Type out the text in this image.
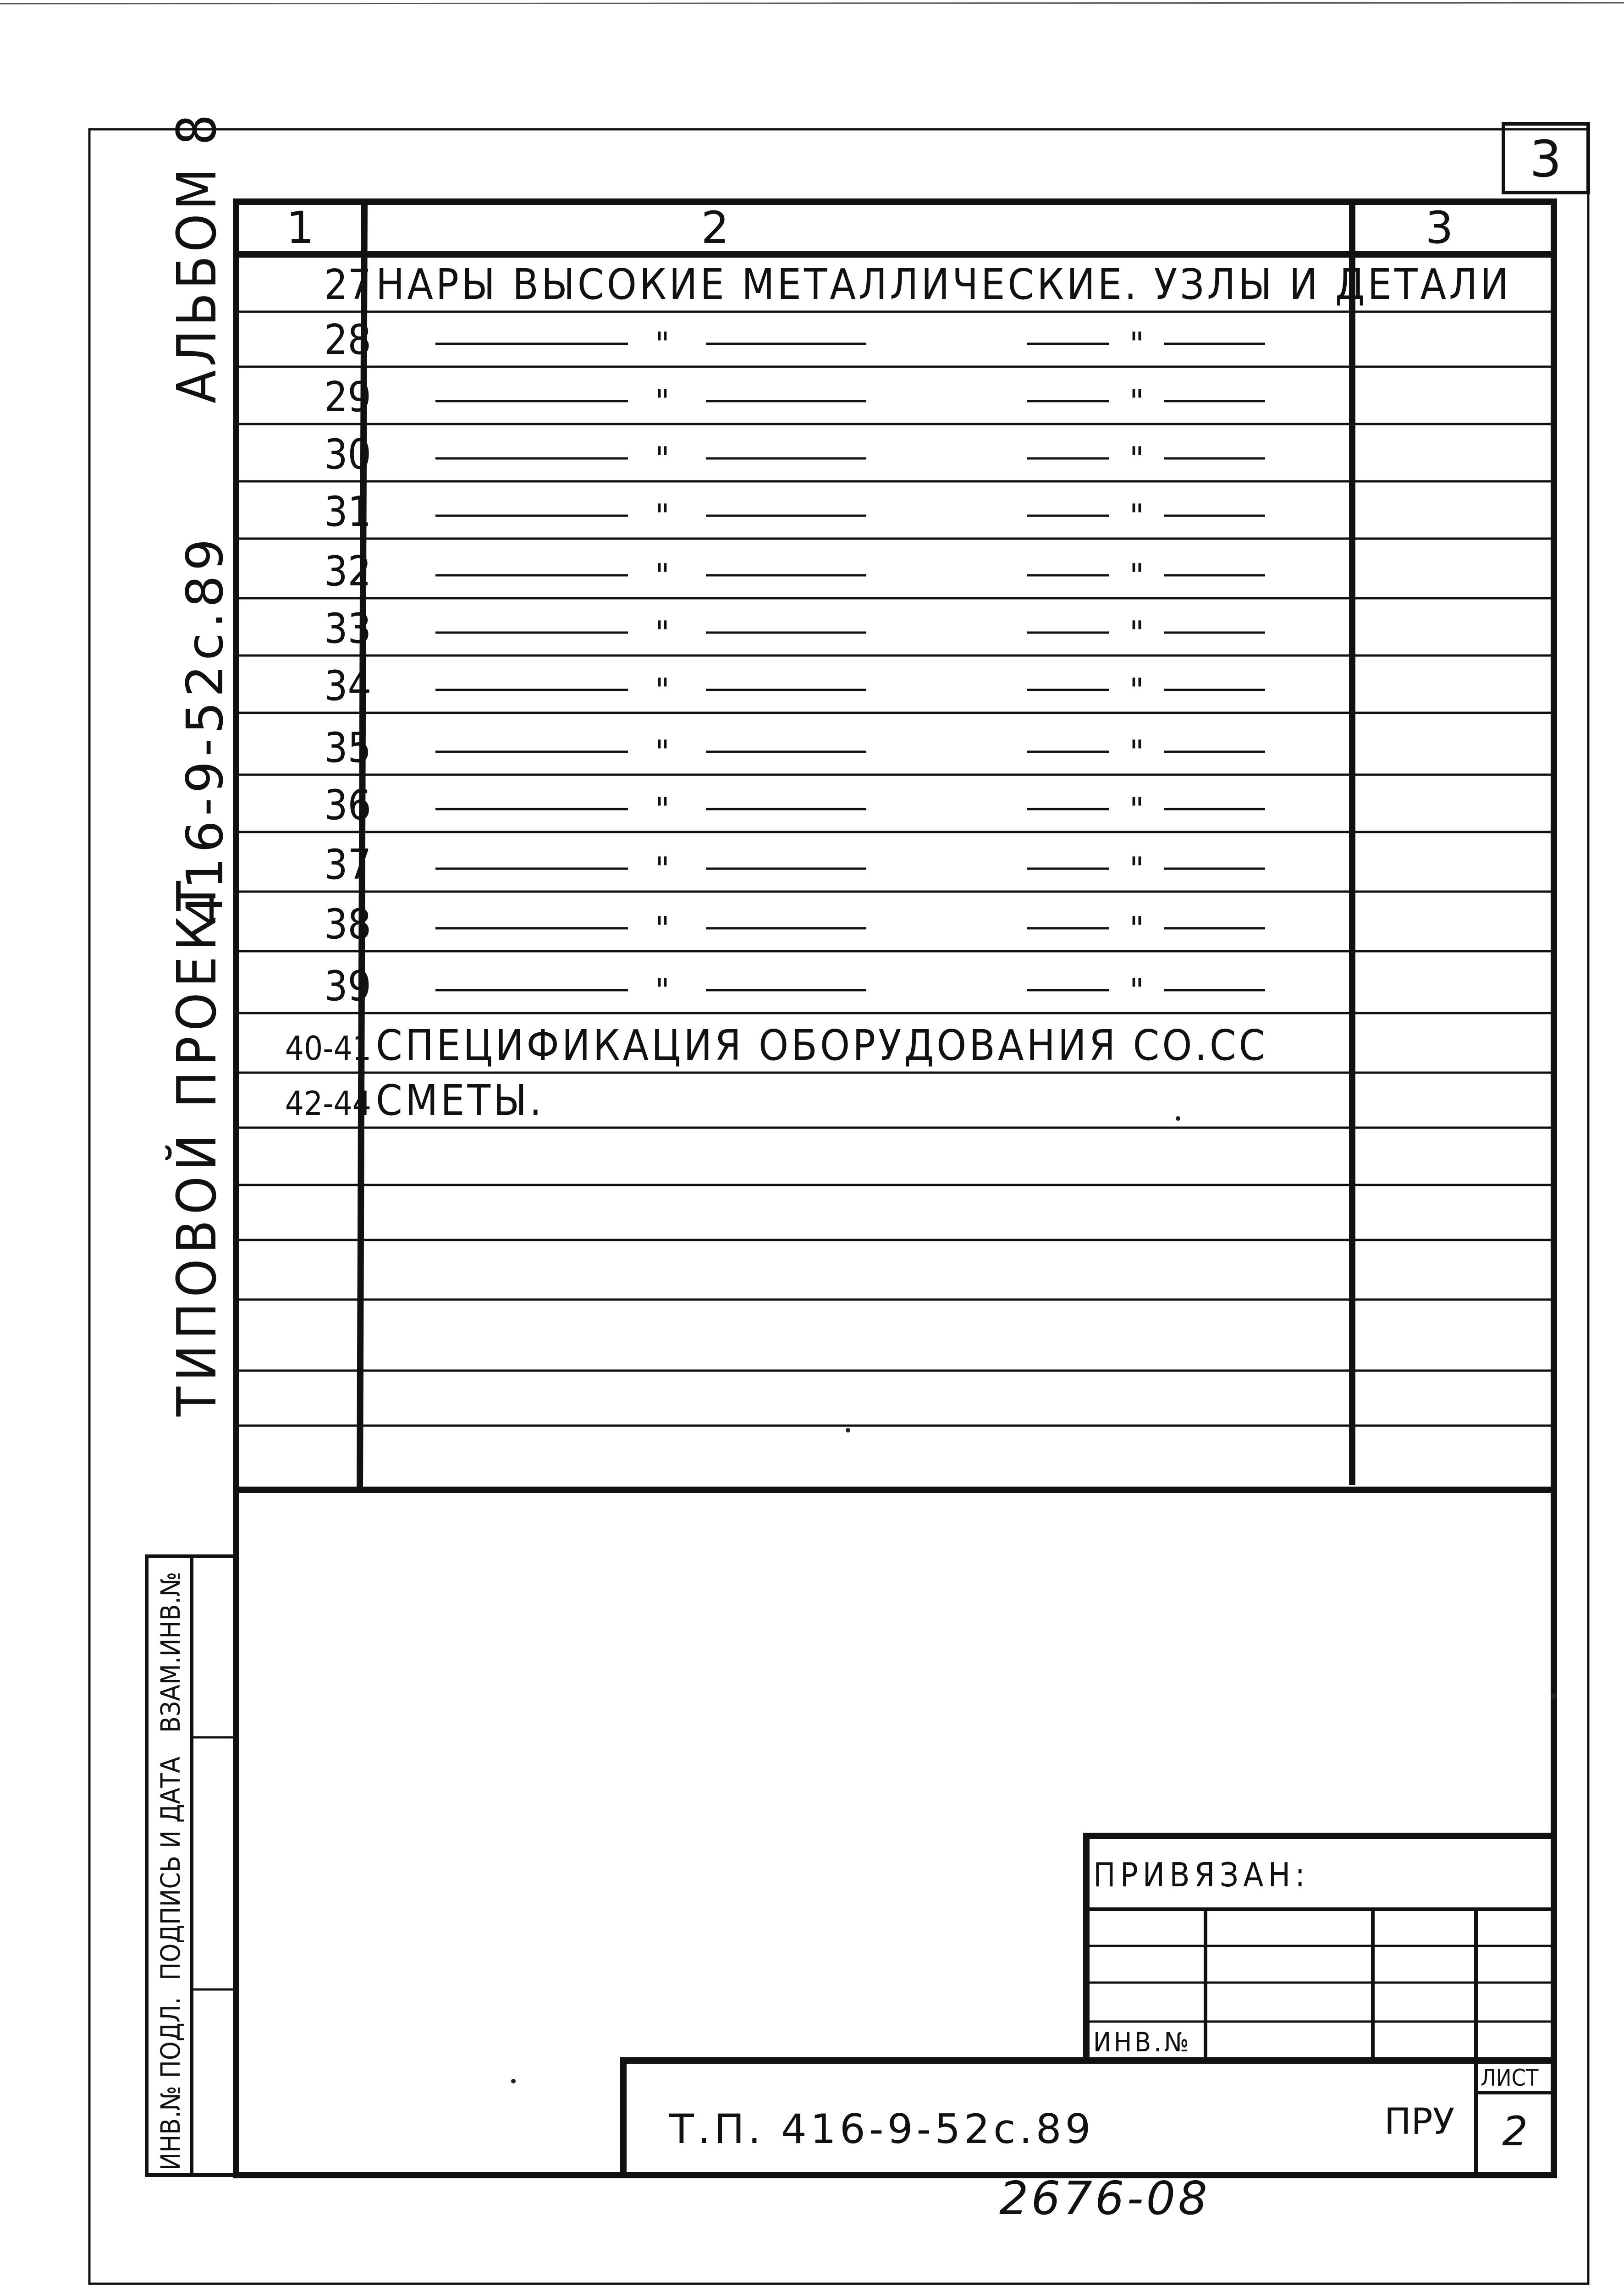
3
АЛЬБОМ 8
416-9-52с.89
ТИПОВОЙ ПРОЕКТ
1	2	3
27 НАРЫ ВЫСОКИЕ МЕТАЛЛИЧЕСКИЕ. УЗЛЫ И ДЕТАЛИ
28	"	"
29	"	"
30	"	"
31	"	"
32	"	"
33	"	"
34	"	"
35	"	"
36	"	"
37	"	"
38	"	"
39	"	"
40-41 СПЕЦИФИКАЦИЯ ОБОРУДОВАНИЯ СО.СС
42-44 СМЕТЫ.
ИНВ.№ ПОДЛ.
ПОДПИСЬ И ДАТА
ВЗАМ.ИНВ.№
ПРИВЯЗАН:
ИНВ.№
Т.П. 416-9-52с.89	ПРУ
ЛИСТ
2
2676-08
